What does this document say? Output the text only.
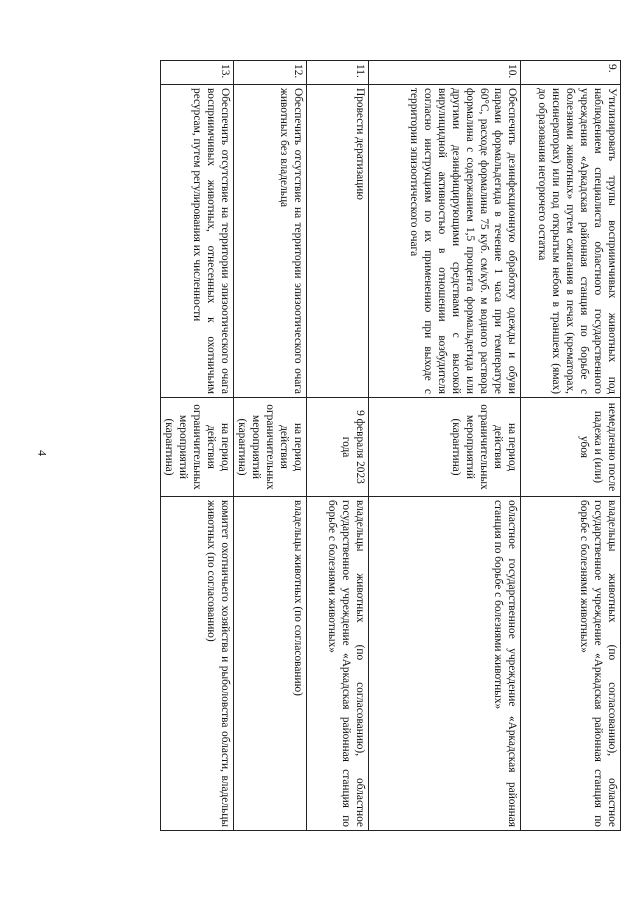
4
9.	Утилизировать трупы восприимчивых животных под наблюдением специалиста областного государственного учреждения «Аркадская районная станция по борьбе с болезнями животных» путем сжигания в печах (крематорах, инсинераторах) или под открытым небом в траншеях (ямах) до образования негорючего остатка	немедленно после падежа и (или) убоя	владельцы животных (по согласованию), областное государственное учреждение «Аркадская районная станция по борьбе с болезнями животных»
10.	Обеспечить дезинфекционную обработку одежды и обуви парами формальдегида в течение 1 часа при температуре 60°С, расходе формалина 75 куб. см/куб. м водного раствора формалина с содержанием 1,5 процента формальдегида или другими дезинфицирующими средствами с высокой вирулицидной активностью в отношении возбудителя согласно инструкциям по их применению при выходе с территории эпизоотического очага	на период действия ограничительных мероприятий (карантина)	областное государственное учреждение «Аркадская районная станция по борьбе с болезнями животных»
11.	Провести дератизацию	9 февраля 2023 года	владельцы животных (по согласованию), областное государственное учреждение «Аркадская районная станция по борьбе с болезнями животных»
12.	Обеспечить отсутствие на территории эпизоотического очага животных без владельца	на период действия ограничительных мероприятий (карантина)	владельцы животных (по согласованию)
13.	Обеспечить отсутствие на территории эпизоотического очага восприимчивых животных, отнесенных к охотничьим ресурсам, путем регулирования их численности	на период действия ограничительных мероприятий (карантина)	комитет охотничьего хозяйства и рыболовства области, владельцы животных (по согласованию)
